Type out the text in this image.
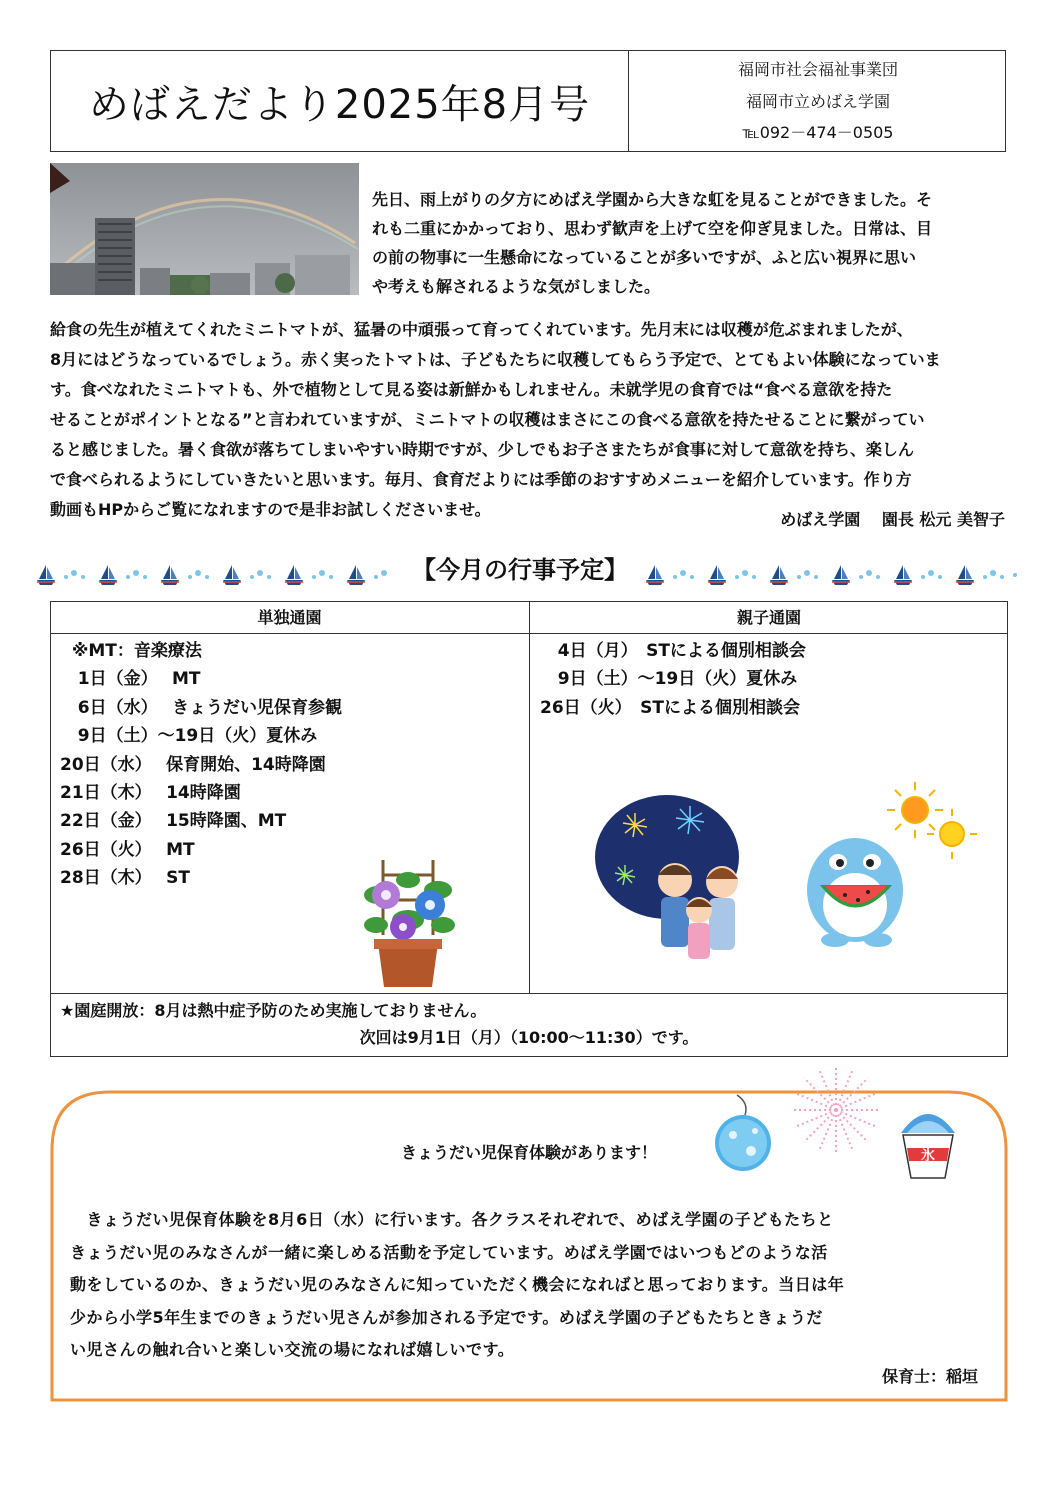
めばえだより2025年8月号
福岡市社会福祉事業団
福岡市立めばえ学園
℡092－474－0505
先日、雨上がりの夕方にめばえ学園から大きな虹を見ることができました。そ
れも二重にかかっており、思わず歓声を上げて空を仰ぎ見ました。日常は、目
の前の物事に一生懸命になっていることが多いですが、ふと広い視界に思い
や考えも解されるような気がしました。
給食の先生が植えてくれたミニトマトが、猛暑の中頑張って育ってくれています。先月末には収穫が危ぶまれましたが、
8月にはどうなっているでしょう。赤く実ったトマトは、子どもたちに収穫してもらう予定で、とてもよい体験になっていま
す。食べなれたミニトマトも、外で植物として見る姿は新鮮かもしれません。未就学児の食育では“食べる意欲を持た
せることがポイントとなる”と言われていますが、ミニトマトの収穫はまさにこの食べる意欲を持たせることに繋がってい
ると感じました。暑く食欲が落ちてしまいやすい時期ですが、少しでもお子さまたちが食事に対して意欲を持ち、楽しん
で食べられるようにしていきたいと思います。毎月、食育だよりには季節のおすすめメニューを紹介しています。作り方
動画もHPからご覧になれますので是非お試しくださいませ。
めばえ学園　 園長 松元 美智子
【今月の行事予定】
単独通園	親子通園
※MT：音楽療法
1日（金）　 MT
6日（水）　 きょうだい児保育参観
9日（土）～19日（火）夏休み
20日（水）　 保育開始、14時降園
21日（木）　 14時降園
22日（金）　 15時降園、MT
26日（火）　 MT
28日（木）　 ST
4日（月）　STによる個別相談会
9日（土）～19日（火）夏休み
26日（火）　STによる個別相談会
★園庭開放：8月は熱中症予防のため実施しておりません。
次回は9月1日（月）（10:00～11:30）です。
氷
きょうだい児保育体験があります！
　きょうだい児保育体験を8月6日（水）に行います。各クラスそれぞれで、めばえ学園の子どもたちと
きょうだい児のみなさんが一緒に楽しめる活動を予定しています。めばえ学園ではいつもどのような活
動をしているのか、きょうだい児のみなさんに知っていただく機会になればと思っております。当日は年
少から小学5年生までのきょうだい児さんが参加される予定です。めばえ学園の子どもたちときょうだ
い児さんの触れ合いと楽しい交流の場になれば嬉しいです。
保育士：稲垣
